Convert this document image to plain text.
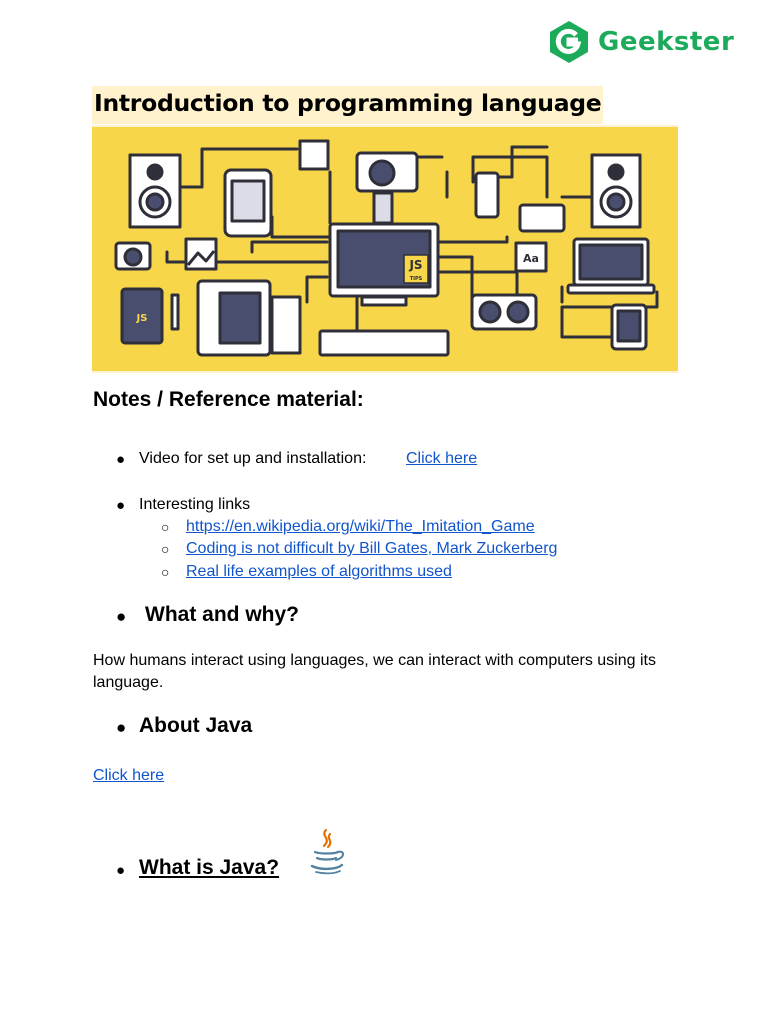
Geekster
Introduction to programming language
JS
TIPS
Aa
JS
Notes / Reference material:
● Video for set up and installation: Click here
● Interesting links
○ https://en.wikipedia.org/wiki/The_Imitation_Game
○ Coding is not difficult by Bill Gates, Mark Zuckerberg
○ Real life examples of algorithms used
● What and why?
How humans interact using languages, we can interact with computers using its language.
● About Java
Click here
● What is Java?
